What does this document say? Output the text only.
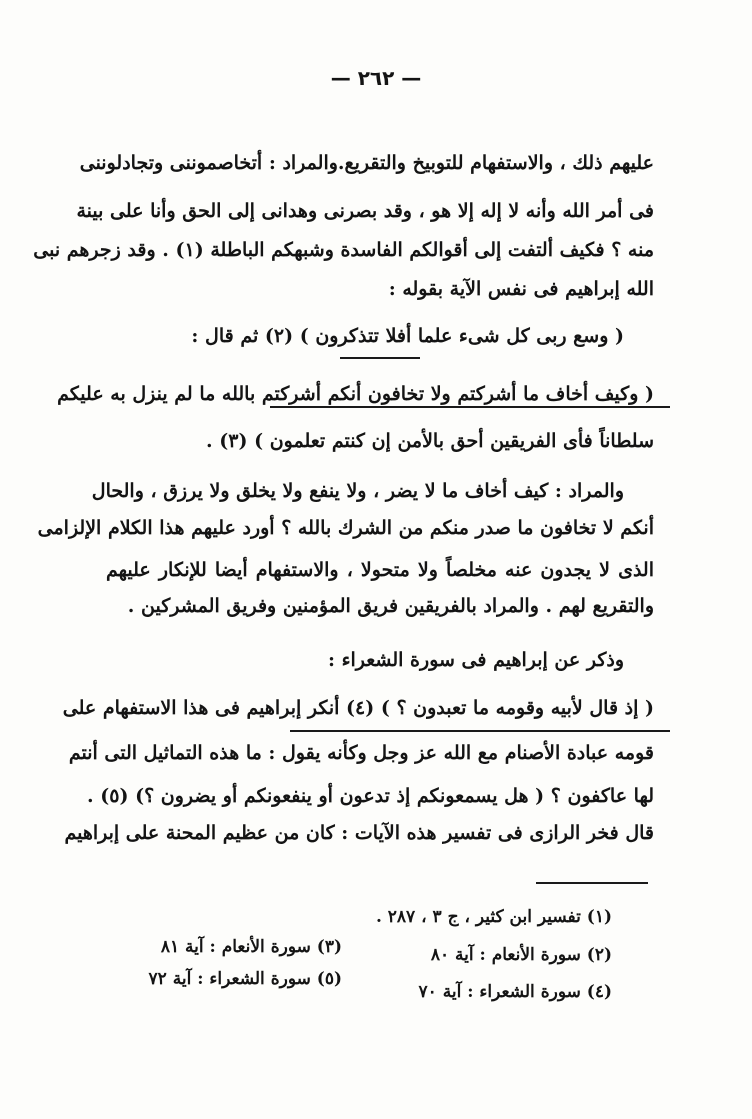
— ٢٦٢ —
عليهم ذلك ، والاستفهام للتوبيخ والتقريع.والمراد : أتخاصموننى وتجادلوننى
فى أمر الله وأنه لا إله إلا هو ، وقد بصرنى وهدانى إلى الحق وأنا على بينة
منه ؟ فكيف ألتفت إلى أقوالكم الفاسدة وشبهكم الباطلة (١) . وقد زجرهم نبى
الله إبراهيم فى نفس الآية بقوله :
( وسع ربى كل شىء علما أفلا تتذكرون ) (٢) ثم قال :
( وكيف أخاف ما أشركتم ولا تخافون أنكم أشركتم بالله ما لم ينزل به عليكم
سلطاناً فأى الفريقين أحق بالأمن إن كنتم تعلمون ) (٣) .
والمراد : كيف أخاف ما لا يضر ، ولا ينفع ولا يخلق ولا يرزق ، والحال
أنكم لا تخافون ما صدر منكم من الشرك بالله ؟ أورد عليهم هذا الكلام الإلزامى
الذى لا يجدون عنه مخلصاً ولا متحولا ، والاستفهام أيضا للإنكار عليهم
والتقريع لهم . والمراد بالفريقين فريق المؤمنين وفريق المشركين .
وذكر عن إبراهيم فى سورة الشعراء :
( إذ قال لأبيه وقومه ما تعبدون ؟ ) (٤) أنكر إبراهيم فى هذا الاستفهام على
قومه عبادة الأصنام مع الله عز وجل وكأنه يقول : ما هذه التماثيل التى أنتم
لها عاكفون ؟ ( هل يسمعونكم إذ تدعون أو ينفعونكم أو يضرون ؟) (٥) .
قال فخر الرازى فى تفسير هذه الآيات : كان من عظيم المحنة على إبراهيم
(١) تفسير ابن كثير ، ج ٣ ، ٢٨٧ .
(٢) سورة الأنعام : آية ٨٠
(٣) سورة الأنعام : آية ٨١
(٤) سورة الشعراء : آية ٧٠
(٥) سورة الشعراء : آية ٧٢
